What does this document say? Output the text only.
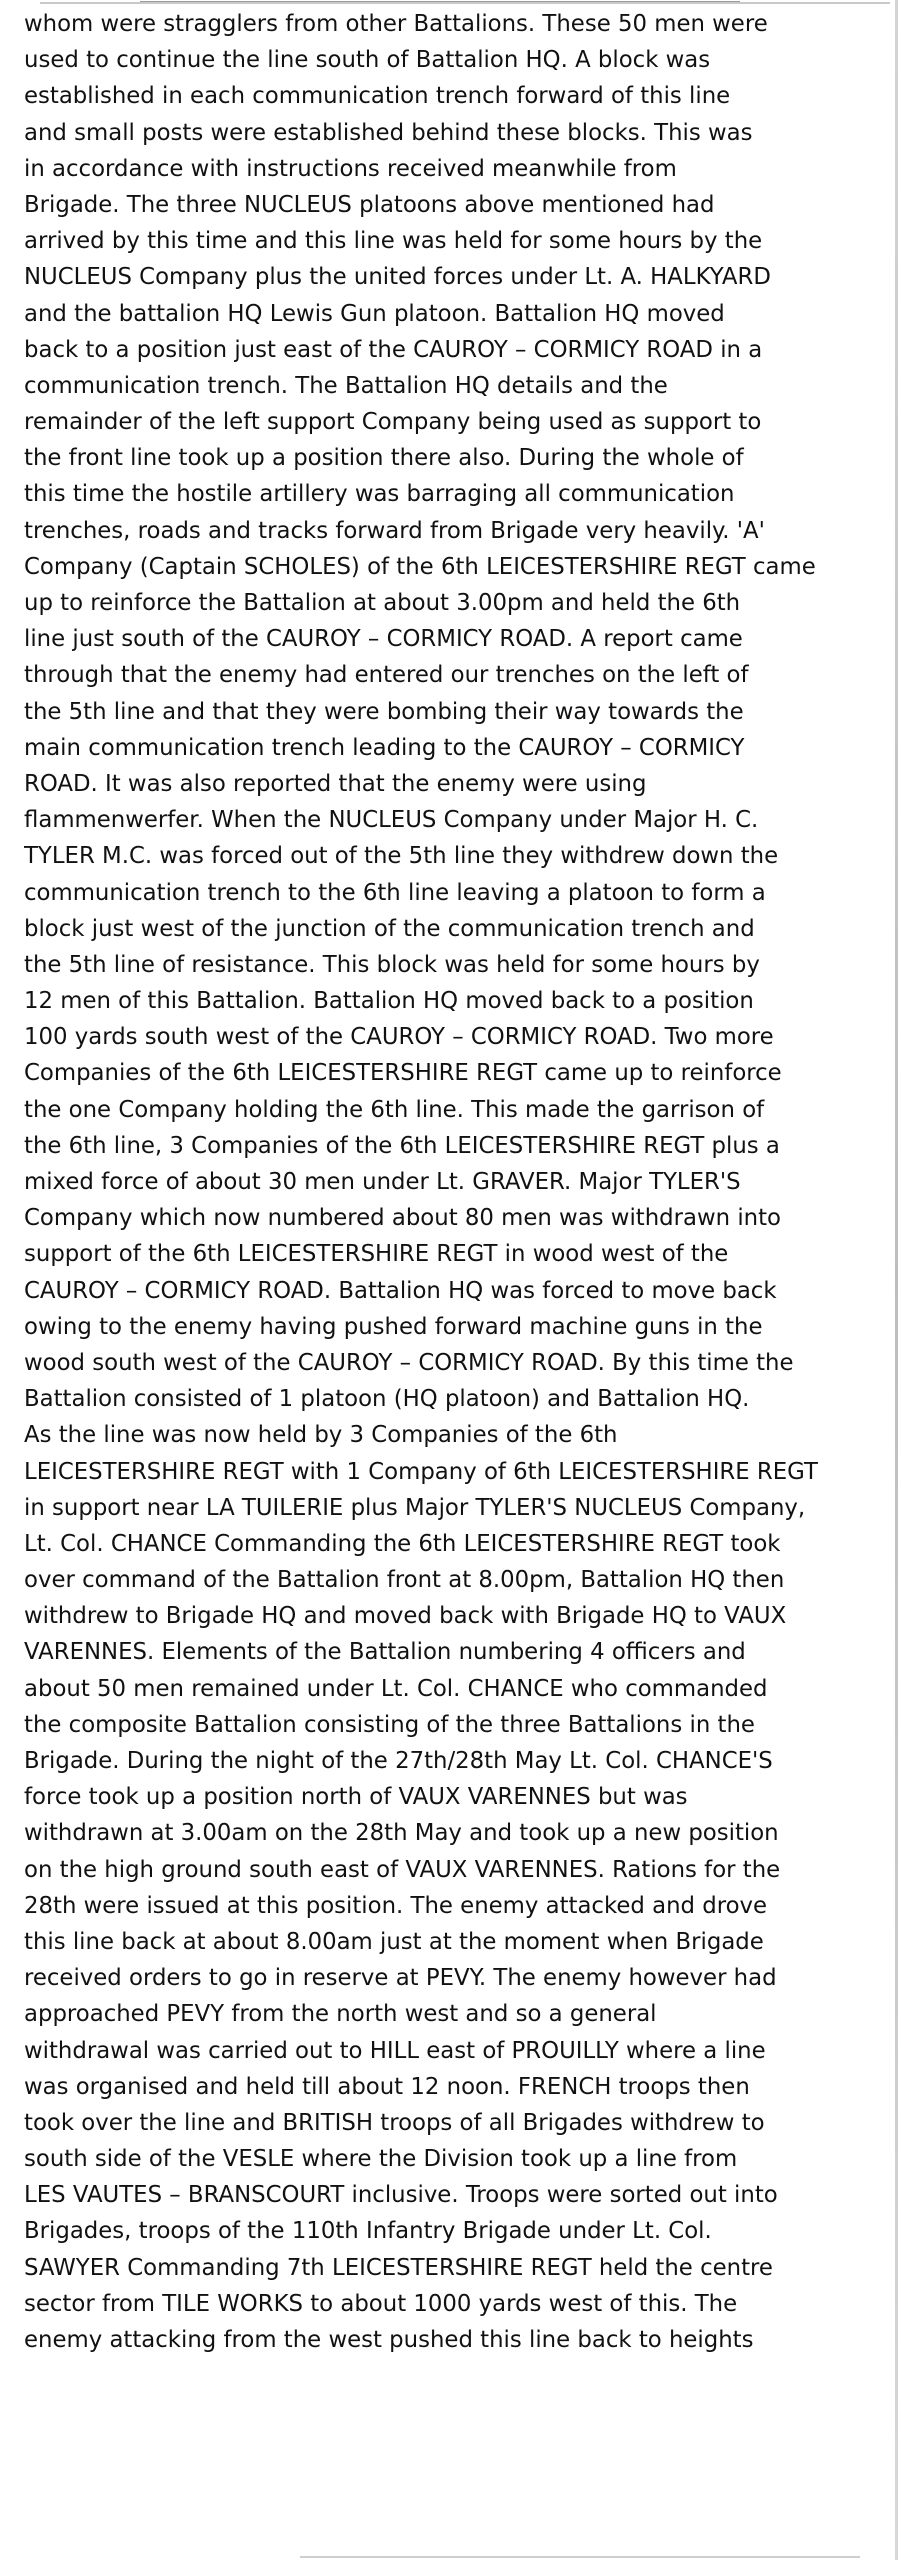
whom were stragglers from other Battalions. These 50 men were
used to continue the line south of Battalion HQ. A block was
established in each communication trench forward of this line
and small posts were established behind these blocks. This was
in accordance with instructions received meanwhile from
Brigade. The three NUCLEUS platoons above mentioned had
arrived by this time and this line was held for some hours by the
NUCLEUS Company plus the united forces under Lt. A. HALKYARD
and the battalion HQ Lewis Gun platoon. Battalion HQ moved
back to a position just east of the CAUROY – CORMICY ROAD in a
communication trench. The Battalion HQ details and the
remainder of the left support Company being used as support to
the front line took up a position there also. During the whole of
this time the hostile artillery was barraging all communication
trenches, roads and tracks forward from Brigade very heavily. 'A'
Company (Captain SCHOLES) of the 6th LEICESTERSHIRE REGT came
up to reinforce the Battalion at about 3.00pm and held the 6th
line just south of the CAUROY – CORMICY ROAD. A report came
through that the enemy had entered our trenches on the left of
the 5th line and that they were bombing their way towards the
main communication trench leading to the CAUROY – CORMICY
ROAD. It was also reported that the enemy were using
flammenwerfer. When the NUCLEUS Company under Major H. C.
TYLER M.C. was forced out of the 5th line they withdrew down the
communication trench to the 6th line leaving a platoon to form a
block just west of the junction of the communication trench and
the 5th line of resistance. This block was held for some hours by
12 men of this Battalion. Battalion HQ moved back to a position
100 yards south west of the CAUROY – CORMICY ROAD. Two more
Companies of the 6th LEICESTERSHIRE REGT came up to reinforce
the one Company holding the 6th line. This made the garrison of
the 6th line, 3 Companies of the 6th LEICESTERSHIRE REGT plus a
mixed force of about 30 men under Lt. GRAVER. Major TYLER'S
Company which now numbered about 80 men was withdrawn into
support of the 6th LEICESTERSHIRE REGT in wood west of the
CAUROY – CORMICY ROAD. Battalion HQ was forced to move back
owing to the enemy having pushed forward machine guns in the
wood south west of the CAUROY – CORMICY ROAD. By this time the
Battalion consisted of 1 platoon (HQ platoon) and Battalion HQ.
As the line was now held by 3 Companies of the 6th
LEICESTERSHIRE REGT with 1 Company of 6th LEICESTERSHIRE REGT
in support near LA TUILERIE plus Major TYLER'S NUCLEUS Company,
Lt. Col. CHANCE Commanding the 6th LEICESTERSHIRE REGT took
over command of the Battalion front at 8.00pm, Battalion HQ then
withdrew to Brigade HQ and moved back with Brigade HQ to VAUX
VARENNES. Elements of the Battalion numbering 4 officers and
about 50 men remained under Lt. Col. CHANCE who commanded
the composite Battalion consisting of the three Battalions in the
Brigade. During the night of the 27th/28th May Lt. Col. CHANCE'S
force took up a position north of VAUX VARENNES but was
withdrawn at 3.00am on the 28th May and took up a new position
on the high ground south east of VAUX VARENNES. Rations for the
28th were issued at this position. The enemy attacked and drove
this line back at about 8.00am just at the moment when Brigade
received orders to go in reserve at PEVY. The enemy however had
approached PEVY from the north west and so a general
withdrawal was carried out to HILL east of PROUILLY where a line
was organised and held till about 12 noon. FRENCH troops then
took over the line and BRITISH troops of all Brigades withdrew to
south side of the VESLE where the Division took up a line from
LES VAUTES – BRANSCOURT inclusive. Troops were sorted out into
Brigades, troops of the 110th Infantry Brigade under Lt. Col.
SAWYER Commanding 7th LEICESTERSHIRE REGT held the centre
sector from TILE WORKS to about 1000 yards west of this. The
enemy attacking from the west pushed this line back to heights
